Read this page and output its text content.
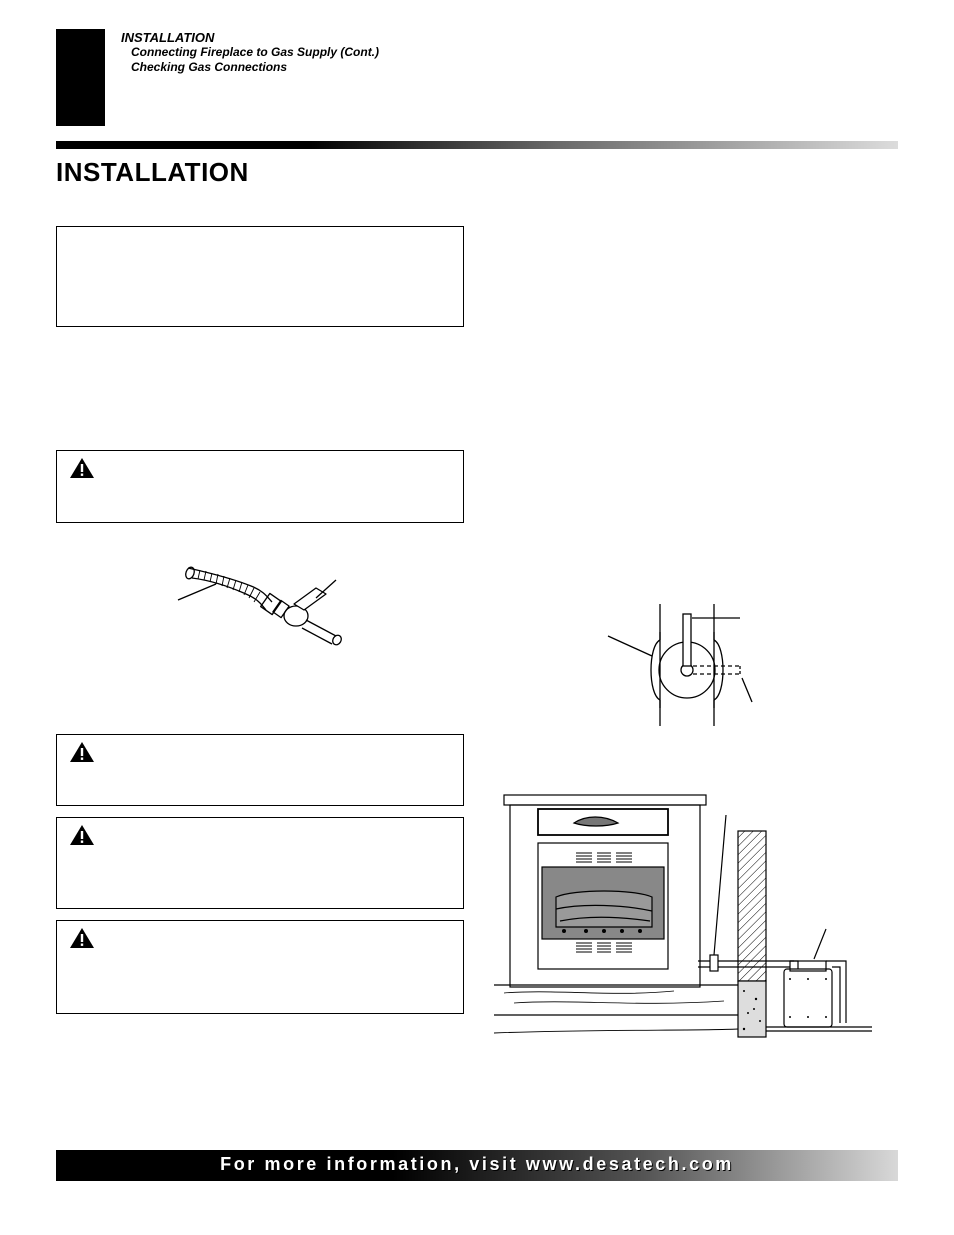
INSTALLATION
Connecting Fireplace to Gas Supply (Cont.)
Checking Gas Connections
INSTALLATION
For more information, visit www.desatech.com
